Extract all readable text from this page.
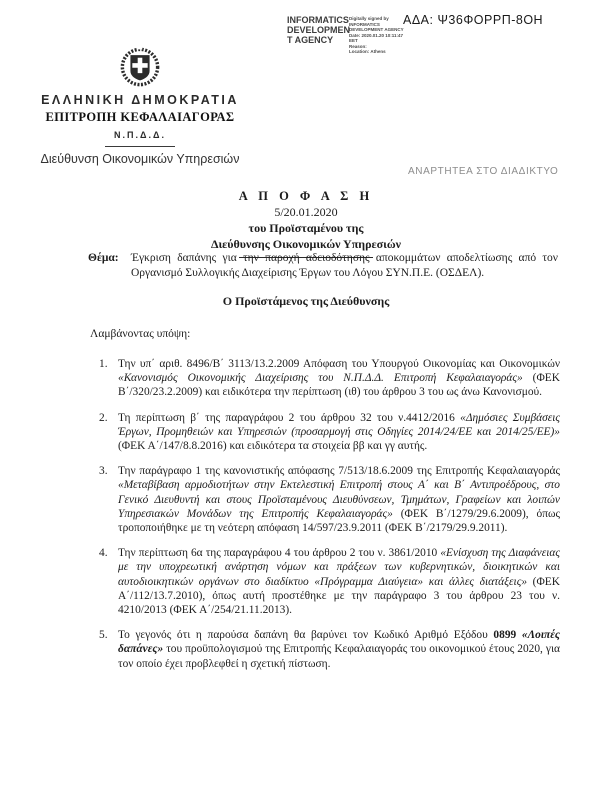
ΑΔΑ: Ψ36ΦΟΡΡΠ-8ΟΗ
INFORMATICS
DEVELOPMEN
T AGENCY
Digitally signed by
INFORMATICS
DEVELOPMENT AGENCY
Date: 2020.01.20 10:11:47
EET
Reason:
Location: Athens
ΕΛΛΗΝΙΚΗ ΔΗΜΟΚΡΑΤΙΑ
ΕΠΙΤΡΟΠΗ ΚΕΦΑΛΑΙΑΓΟΡΑΣ
Ν.Π.Δ.Δ.
Διεύθυνση Οικονομικών Υπηρεσιών
ΑΝΑΡΤΗΤΕΑ ΣΤΟ ΔΙΑΔΙΚΤΥΟ
Α Π Ο Φ Α Σ Η
5/20.01.2020
του Προϊσταμένου της
Διεύθυνσης Οικονομικών Υπηρεσιών
Θέμα: Έγκριση δαπάνης για την παροχή αδειοδότησης αποκομμάτων αποδελτίωσης από τον Οργανισμό Συλλογικής Διαχείρισης Έργων του Λόγου ΣΥΝ.Π.Ε. (ΟΣΔΕΛ).
Ο Προϊστάμενος της Διεύθυνσης
Λαμβάνοντας υπόψη:
1. Την υπ΄ αριθ. 8496/Β΄ 3113/13.2.2009 Απόφαση του Υπουργού Οικονομίας και Οικονομικών «Κανονισμός Οικονομικής Διαχείρισης του Ν.Π.Δ.Δ. Επιτροπή Κεφαλαιαγοράς» (ΦΕΚ Β΄/320/23.2.2009) και ειδικότερα την περίπτωση (ιθ) του άρθρου 3 του ως άνω Κανονισμού.
2. Τη περίπτωση β΄ της παραγράφου 2 του άρθρου 32 του ν.4412/2016 «Δημόσιες Συμβάσεις Έργων, Προμηθειών και Υπηρεσιών (προσαρμογή στις Οδηγίες 2014/24/ΕΕ και 2014/25/ΕΕ)» (ΦΕΚ Α΄/147/8.8.2016) και ειδικότερα τα στοιχεία ββ και γγ αυτής.
3. Την παράγραφο 1 της κανονιστικής απόφασης 7/513/18.6.2009 της Επιτροπής Κεφαλαιαγοράς «Μεταβίβαση αρμοδιοτήτων στην Εκτελεστική Επιτροπή στους Α΄ και Β΄ Αντιπροέδρους, στο Γενικό Διευθυντή και στους Προϊσταμένους Διευθύνσεων, Τμημάτων, Γραφείων και λοιπών Υπηρεσιακών Μονάδων της Επιτροπής Κεφαλαιαγοράς» (ΦΕΚ Β΄/1279/29.6.2009), όπως τροποποιήθηκε με τη νεότερη απόφαση 14/597/23.9.2011 (ΦΕΚ Β΄/2179/29.9.2011).
4. Την περίπτωση 6α της παραγράφου 4 του άρθρου 2 του ν. 3861/2010 «Ενίσχυση της Διαφάνειας με την υποχρεωτική ανάρτηση νόμων και πράξεων των κυβερνητικών, διοικητικών και αυτοδιοικητικών οργάνων στο διαδίκτυο «Πρόγραμμα Διαύγεια» και άλλες διατάξεις» (ΦΕΚ Α΄/112/13.7.2010), όπως αυτή προστέθηκε με την παράγραφο 3 του άρθρου 23 του ν. 4210/2013 (ΦΕΚ Α΄/254/21.11.2013).
5. Το γεγονός ότι η παρούσα δαπάνη θα βαρύνει τον Κωδικό Αριθμό Εξόδου 0899 «Λοιπές δαπάνες» του προϋπολογισμού της Επιτροπής Κεφαλαιαγοράς του οικονομικού έτους 2020, για τον οποίο έχει προβλεφθεί η σχετική πίστωση.
